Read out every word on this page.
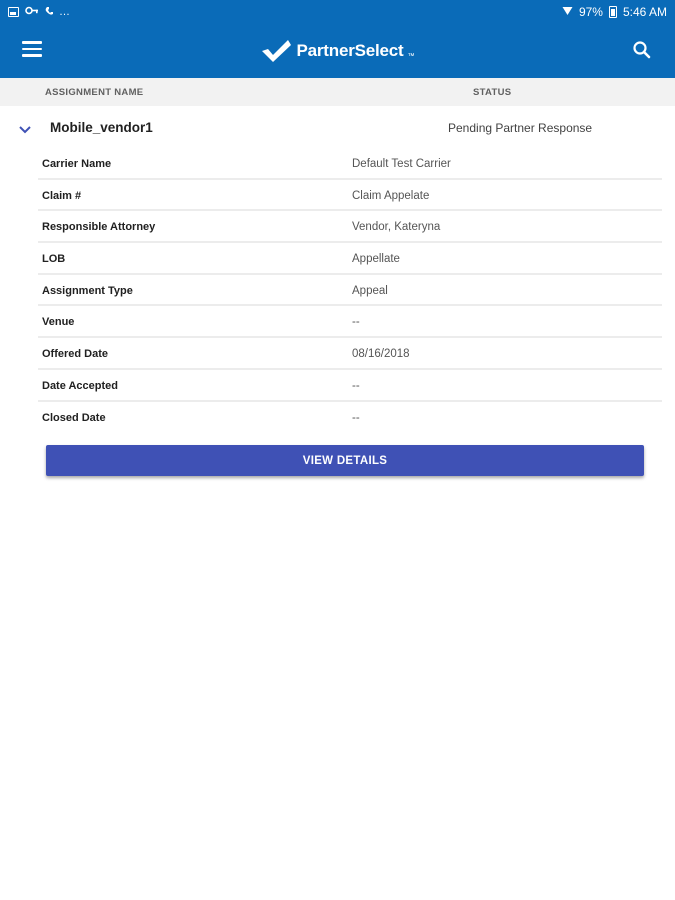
…	97% 5:46 AM
PartnerSelect ™
ASSIGNMENT NAME	STATUS
Mobile_vendor1	Pending Partner Response
Carrier Name	Default Test Carrier
Claim #	Claim Appelate
Responsible Attorney	Vendor, Kateryna
LOB	Appellate
Assignment Type	Appeal
Venue	--
Offered Date	08/16/2018
Date Accepted	--
Closed Date	--
VIEW DETAILS
